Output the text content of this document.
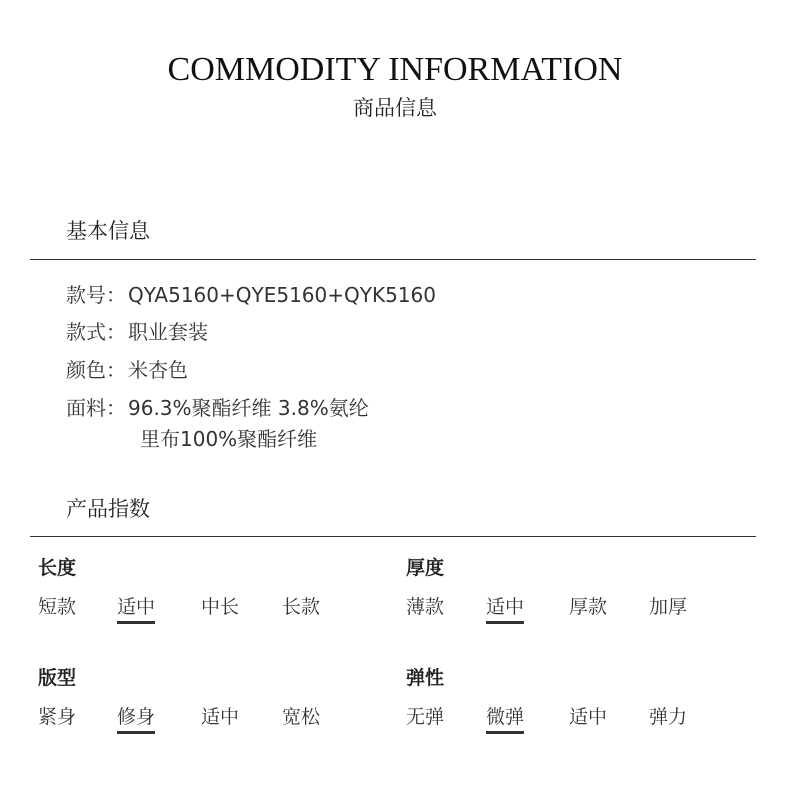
COMMODITY INFORMATION
商品信息
基本信息
款号： QYA5160+QYE5160+QYK5160
款式： 职业套装
颜色： 米杏色
面料： 96.3%聚酯纤维 3.8%氨纶
里布100%聚酯纤维
产品指数
长度
短款 适中 中长 长款
厚度
薄款 适中 厚款 加厚
版型
紧身 修身 适中 宽松
弹性
无弹 微弹 适中 弹力
